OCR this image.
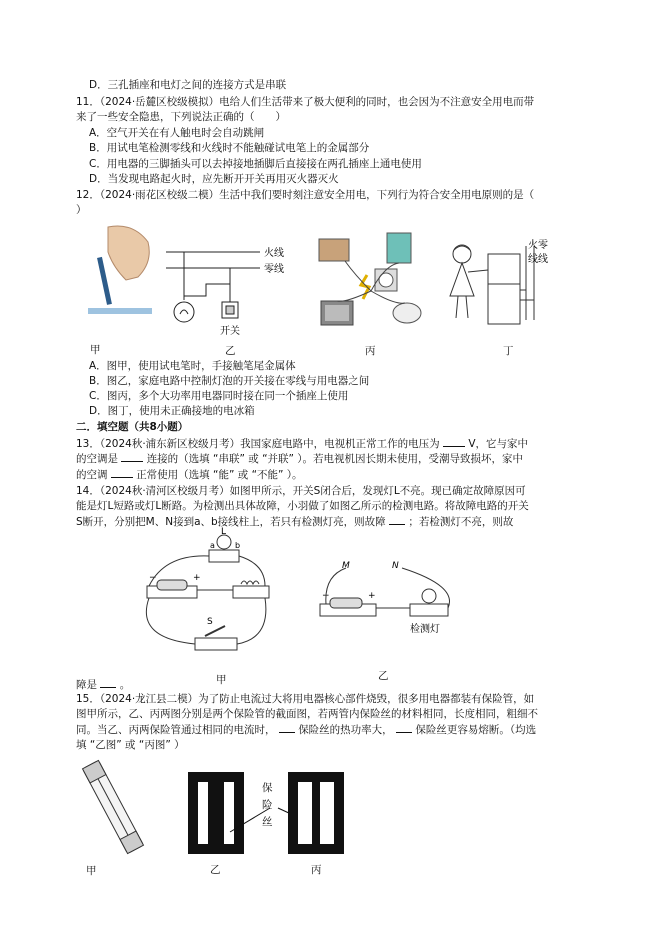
D．三孔插座和电灯之间的连接方式是串联
11．（2024·岳麓区校级模拟）电给人们生活带来了极大便利的同时，也会因为不注意安全用电而带
来了一些安全隐患，下列说法正确的（　　）
A．空气开关在有人触电时会自动跳闸
B．用试电笔检测零线和火线时不能触碰试电笔上的金属部分
C．用电器的三脚插头可以去掉接地插脚后直接接在两孔插座上通电使用
D．当发现电路起火时，应先断开开关再用灭火器灭火
12．（2024·雨花区校级二模）生活中我们要时刻注意安全用电，下列行为符合安全用电原则的是（
）
甲
火线
零线
开关
乙	丙
火零
线线
丁
A．图甲，使用试电笔时，手接触笔尾金属体
B．图乙，家庭电路中控制灯泡的开关接在零线与用电器之间
C．图丙，多个大功率用电器同时接在同一个插座上使用
D．图丁，使用未正确接地的电冰箱
二．填空题（共8小题）
13．（2024秋·浦东新区校级月考）我国家庭电路中，电视机正常工作的电压为	V，它与家中
的空调是	连接的（选填 “串联” 或 “并联” ）。若电视机因长期未使用，受潮导致损坏，家中
的空调	正常使用（选填 “能” 或 “不能” ）。
14．（2024秋·清河区校级月考）如图甲所示，开关S闭合后，发现灯L不亮。现已确定故障原因可
能是灯L短路或灯L断路。为检测出具体故障，小羽做了如图乙所示的检测电路。将故障电路的开关
S断开，分别把M、N接到a、b接线柱上，若只有检测灯亮，则故障 ；若检测灯不亮，则故
L
a	b
−	+
S
甲
M	N
−	+
检测灯
乙
障是 。
15．（2024·龙江县二模）为了防止电流过大将用电器核心部件烧毁，很多用电器都装有保险管，如
图甲所示，乙、丙两图分别是两个保险管的截面图，若两管内保险丝的材料相同，长度相同，粗细不
同。当乙、丙两保险管通过相同的电流时， 保险丝的热功率大， 保险丝更容易熔断。（均选
填 “乙图” 或 “丙图” ）
甲	乙
保
险
丝
丙
